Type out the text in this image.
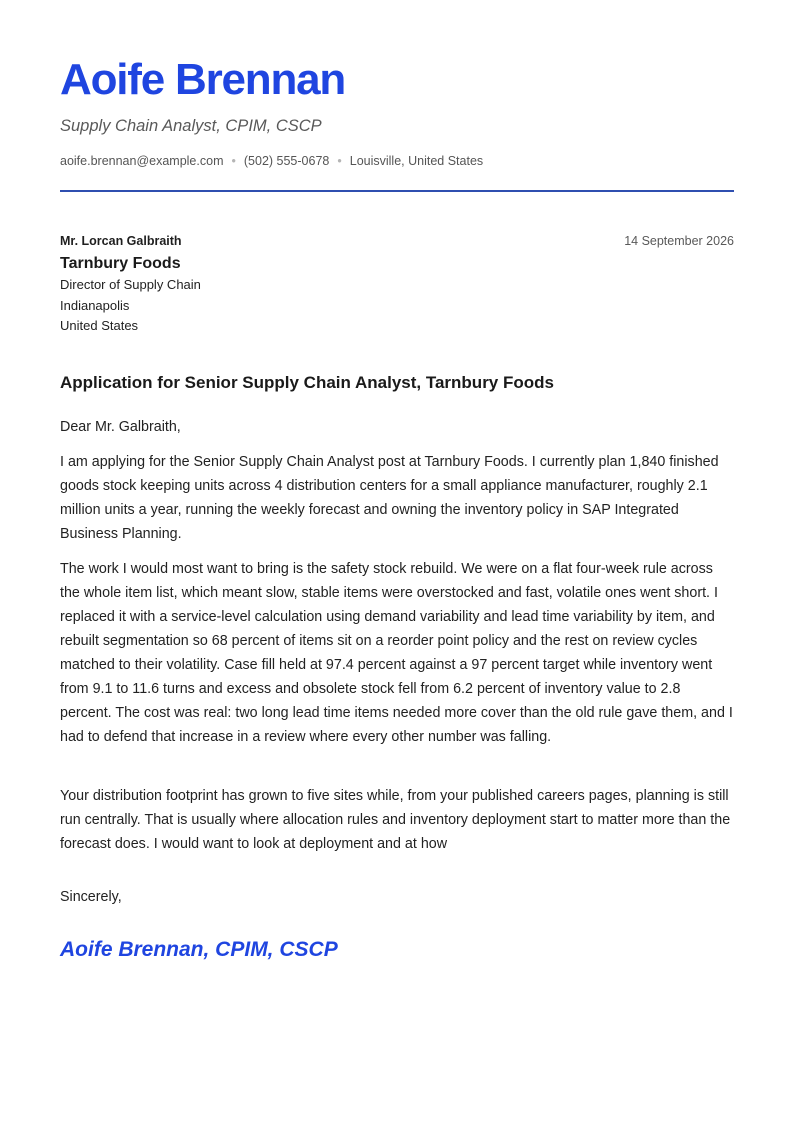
Aoife Brennan
Supply Chain Analyst, CPIM, CSCP
aoife.brennan@example.com • (502) 555-0678 • Louisville, United States
Mr. Lorcan Galbraith	14 September 2026
Tarnbury Foods
Director of Supply Chain
Indianapolis
United States
Application for Senior Supply Chain Analyst, Tarnbury Foods
Dear Mr. Galbraith,

I am applying for the Senior Supply Chain Analyst post at Tarnbury Foods. I currently plan 1,840 finished goods stock keeping units across 4 distribution centers for a small appliance manufacturer, roughly 2.1 million units a year, running the weekly forecast and owning the inventory policy in SAP Integrated Business Planning.

The work I would most want to bring is the safety stock rebuild. We were on a flat four-week rule across the whole item list, which meant slow, stable items were overstocked and fast, volatile ones went short. I replaced it with a service-level calculation using demand variability and lead time variability by item, and rebuilt segmentation so 68 percent of items sit on a reorder point policy and the rest on review cycles matched to their volatility. Case fill held at 97.4 percent against a 97 percent target while inventory went from 9.1 to 11.6 turns and excess and obsolete stock fell from 6.2 percent of inventory value to 2.8 percent. The cost was real: two long lead time items needed more cover than the old rule gave them, and I had to defend that increase in a review where every other number was falling.

Your distribution footprint has grown to five sites while, from your published careers pages, planning is still run centrally. That is usually where allocation rules and inventory deployment start to matter more than the forecast does. I would want to look at deployment and at how

Sincerely,
Aoife Brennan, CPIM, CSCP
